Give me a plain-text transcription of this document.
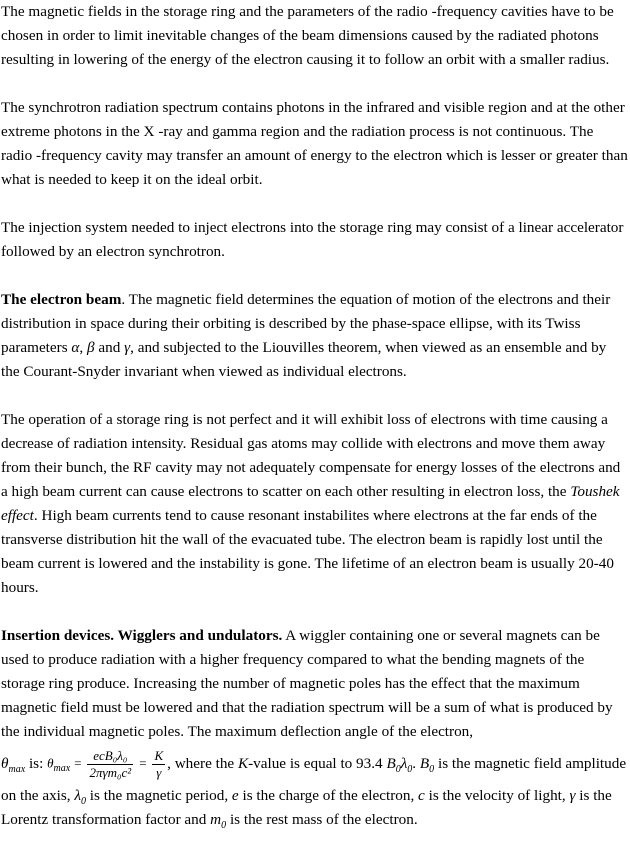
The magnetic fields in the storage ring and the parameters of the radio -frequency cavities have to be chosen in order to limit inevitable changes of the beam dimensions caused by the radiated photons resulting in lowering of the energy of the electron causing it to follow an orbit with a smaller radius.

The synchrotron radiation spectrum contains photons in the infrared and visible region and at the other extreme photons in the X -ray and gamma region and the radiation process is not continuous. The radio -frequency cavity may transfer an amount of energy to the electron which is lesser or greater than what is needed to keep it on the ideal orbit.

The injection system needed to inject electrons into the storage ring may consist of a linear accelerator followed by an electron synchrotron.

The electron beam. The magnetic field determines the equation of motion of the electrons and their distribution in space during their orbiting is described by the phase-space ellipse, with its Twiss parameters α, β and γ, and subjected to the Liouvilles theorem, when viewed as an ensemble and by the Courant-Snyder invariant when viewed as individual electrons.

The operation of a storage ring is not perfect and it will exhibit loss of electrons with time causing a decrease of radiation intensity. Residual gas atoms may collide with electrons and move them away from their bunch, the RF cavity may not adequately compensate for energy losses of the electrons and a high beam current can cause electrons to scatter on each other resulting in electron loss, the Toushek effect. High beam currents tend to cause resonant instabilites where electrons at the far ends of the transverse distribution hit the wall of the evacuated tube. The electron beam is rapidly lost until the beam current is lowered and the instability is gone. The lifetime of an electron beam is usually 20-40 hours.

Insertion devices. Wigglers and undulators. A wiggler containing one or several magnets can be used to produce radiation with a higher frequency compared to what the bending magnets of the storage ring produce. Increasing the number of magnetic poles has the effect that the maximum magnetic field must be lowered and that the radiation spectrum will be a sum of what is produced by the individual magnetic poles. The maximum deflection angle of the electron,
$\theta_{max}$ is: $\theta_{max} = \frac{\text{ecB₀λ₀}}{\text{2πγm₀c²}} = \frac{K}{\gamma}$ , where the K-value is equal to 93.4 $B_0\lambda_0$. $B_0$ is the magnetic field amplitude on the axis, $\lambda_0$ is the magnetic period, e is the charge of the electron, c is the velocity of light, γ is the Lorentz transformation factor and $m_0$ is the rest mass of the electron.
